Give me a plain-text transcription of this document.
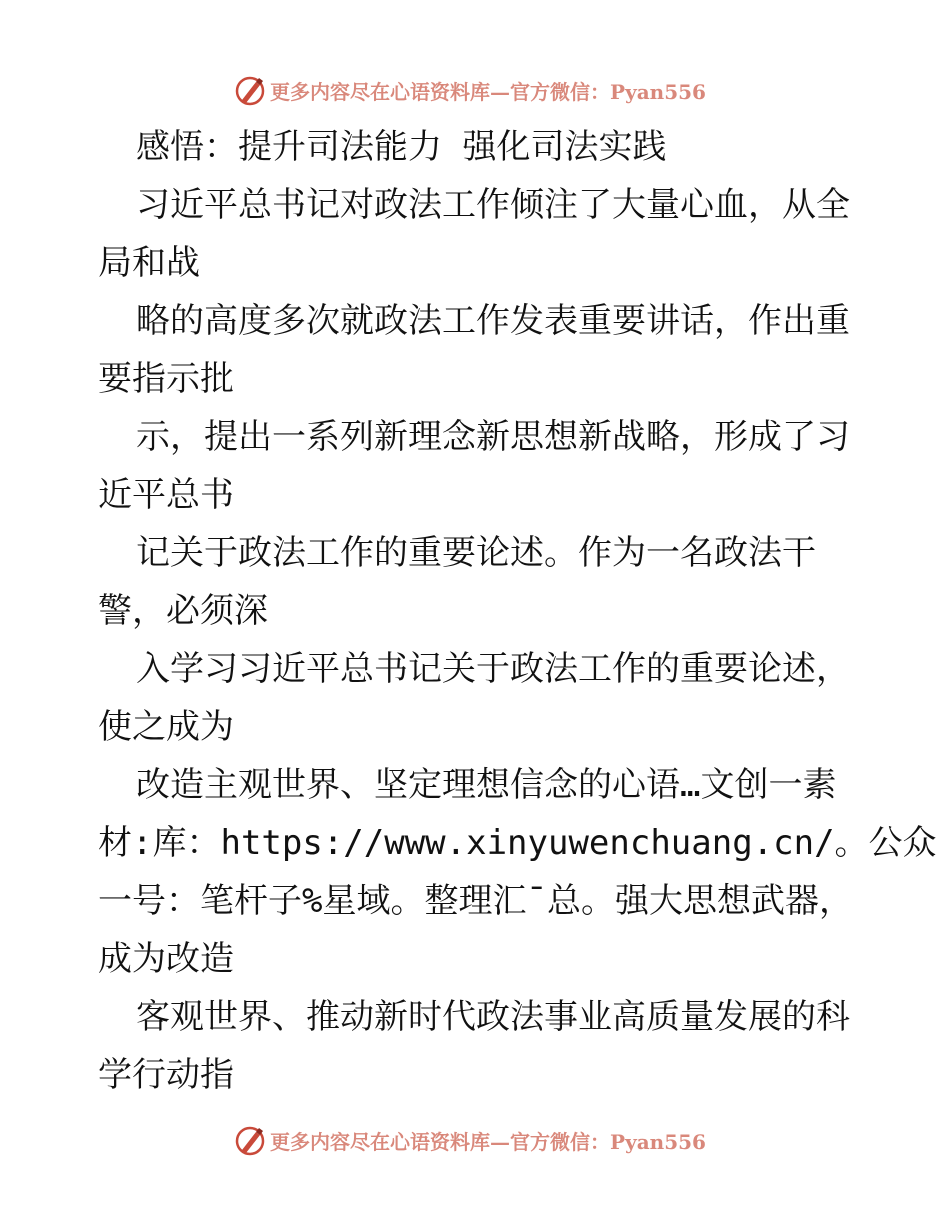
更多内容尽在心语资料库—官方微信：Pyan556
感悟：提升司法能力 强化司法实践
习近平总书记对政法工作倾注了大量心血，从全
局和战
略的高度多次就政法工作发表重要讲话，作出重
要指示批
示，提出一系列新理念新思想新战略，形成了习
近平总书
记关于政法工作的重要论述。作为一名政法干
警，必须深
入学习习近平总书记关于政法工作的重要论述，
使之成为
改造主观世界、坚定理想信念的心语…文创一素
材:库：https://www.xinyuwenchuang.cn/。公众
一号：笔杆子%星域。整理汇¯总。强大思想武器，
成为改造
客观世界、推动新时代政法事业高质量发展的科
学行动指
更多内容尽在心语资料库—官方微信：Pyan556
